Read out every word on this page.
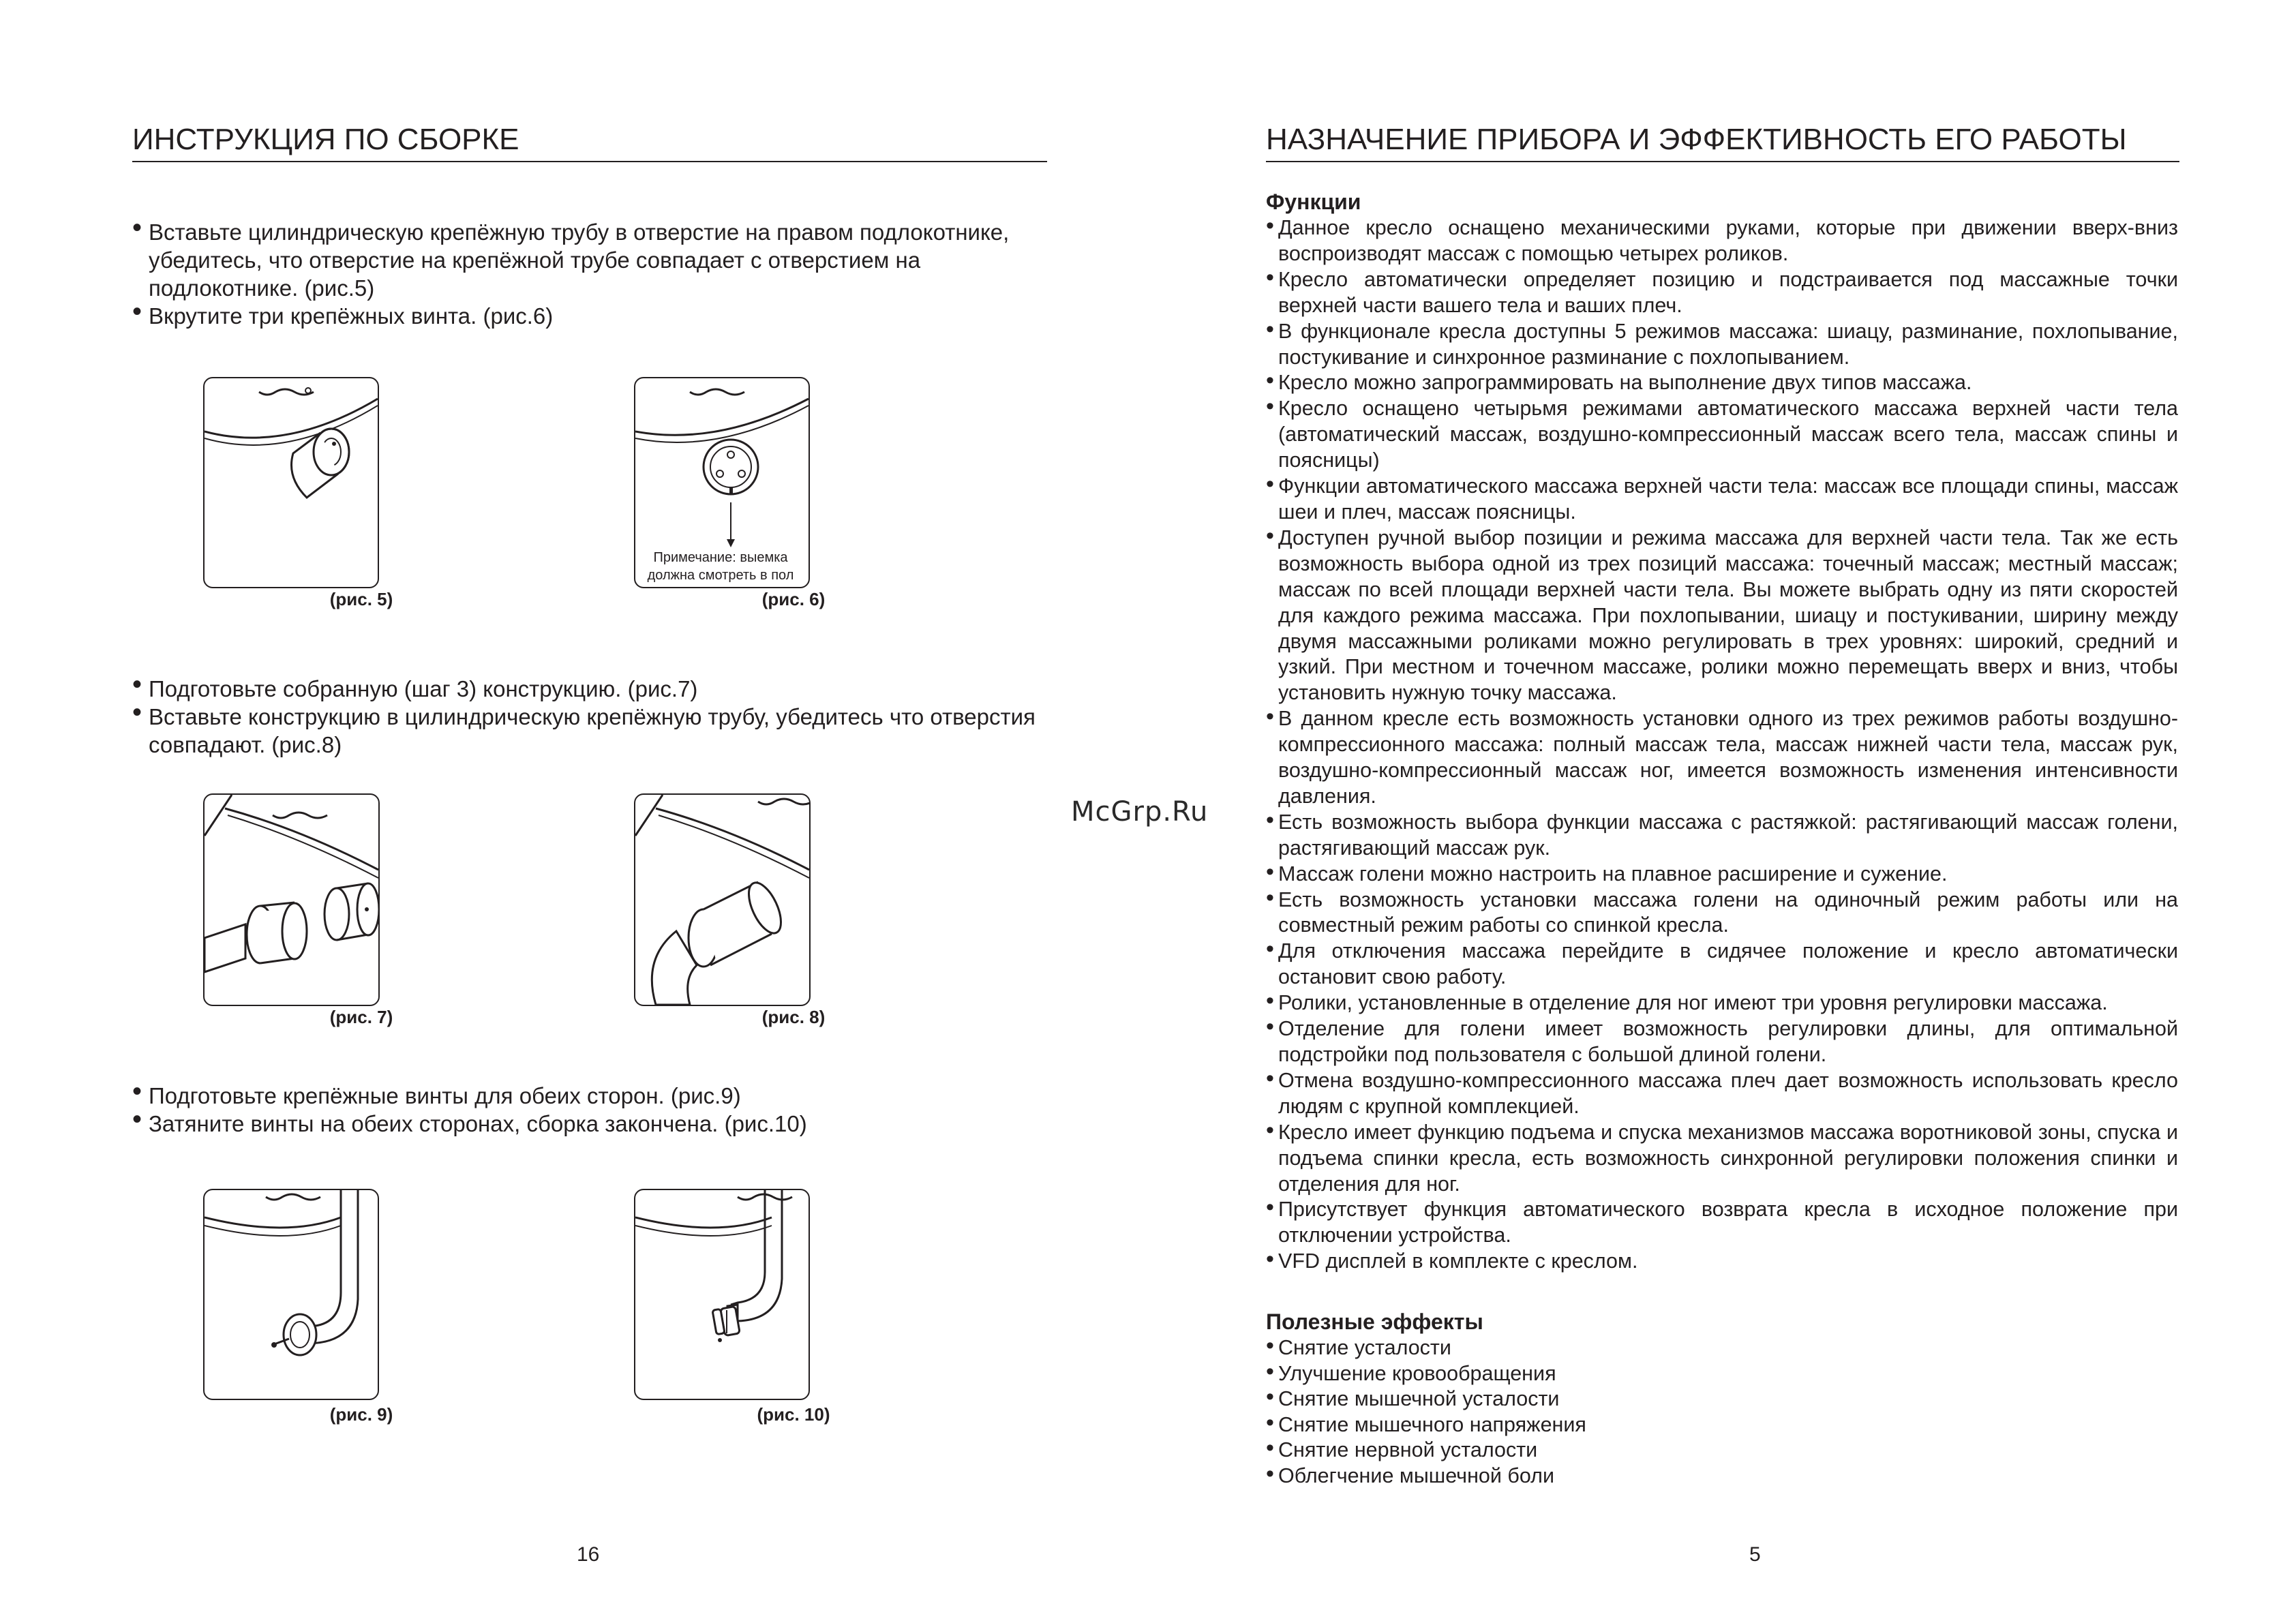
ИНСТРУКЦИЯ ПО СБОРКЕ
• Вставьте цилиндрическую крепёжную трубу в отверстие на правом подлокотнике, убедитесь, что отверстие на крепёжной трубе совпадает с отверстием на подлокотнике. (рис.5)
• Вкрутите три крепёжных винта. (рис.6)
(рис. 5)
Примечание: выемка
должна смотреть в пол
(рис. 6)
• Подготовьте собранную (шаг 3) конструкцию. (рис.7)
• Вставьте конструкцию в цилиндрическую крепёжную трубу, убедитесь что отверстия совпадают. (рис.8)
(рис. 7)	(рис. 8)
• Подготовьте крепёжные винты для обеих сторон. (рис.9)
• Затяните винты на обеих сторонах, сборка закончена. (рис.10)
(рис. 9)	(рис. 10)
16
McGrp.Ru
НАЗНАЧЕНИЕ ПРИБОРА И ЭФФЕКТИВНОСТЬ ЕГО РАБОТЫ
Функции
• Данное кресло оснащено механическими руками, которые при движении вверх-вниз воспроизводят массаж с помощью четырех роликов.
• Кресло автоматически определяет позицию и подстраивается под массажные точки верхней части вашего тела и ваших плеч.
• В функционале кресла доступны 5 режимов массажа: шиацу, разминание, похлопывание, постукивание и синхронное разминание с похлопыванием.
• Кресло можно запрограммировать на выполнение двух типов массажа.
• Кресло оснащено четырьмя режимами автоматического массажа верхней части тела (автоматический массаж, воздушно-компрессионный массаж всего тела, массаж спины и поясницы)
• Функции автоматического массажа верхней части тела: массаж все площади спины, массаж шеи и плеч, массаж поясницы.
• Доступен ручной выбор позиции и режима массажа для верхней части тела. Так же есть возможность выбора одной из трех позиций массажа: точечный массаж; местный массаж; массаж по всей площади верхней части тела. Вы можете выбрать одну из пяти скоростей для каждого режима массажа. При похлопывании, шиацу и постукивании, ширину между двумя массажными роликами можно регулировать в трех уровнях: широкий, средний и узкий. При местном и точечном массаже, ролики можно перемещать вверх и вниз, чтобы установить нужную точку массажа.
• В данном кресле есть возможность установки одного из трех режимов работы воздушно-компрессионного массажа: полный массаж тела, массаж нижней части тела, массаж рук, воздушно-компрессионный массаж ног, имеется возможность изменения интенсивности давления.
• Есть возможность выбора функции массажа с растяжкой: растягивающий массаж голени, растягивающий массаж рук.
• Массаж голени можно настроить на плавное расширение и сужение.
• Есть возможность установки массажа голени на одиночный режим работы или на совместный режим работы со спинкой кресла.
• Для отключения массажа перейдите в сидячее положение и кресло автоматически остановит свою работу.
• Ролики, установленные в отделение для ног имеют три уровня регулировки массажа.
• Отделение для голени имеет возможность регулировки длины, для оптимальной подстройки под пользователя с большой длиной голени.
• Отмена воздушно-компрессионного массажа плеч дает возможность использовать кресло людям с крупной комплекцией.
• Кресло имеет функцию подъема и спуска механизмов массажа воротниковой зоны, спуска и подъема спинки кресла, есть возможность синхронной регулировки положения спинки и отделения для ног.
• Присутствует функция автоматического возврата кресла в исходное положение при отключении устройства.
• VFD дисплей в комплекте с креслом.
Полезные эффекты
• Снятие усталости
• Улучшение кровообращения
• Снятие мышечной усталости
• Снятие мышечного напряжения
• Снятие нервной усталости
• Облегчение мышечной боли
5
